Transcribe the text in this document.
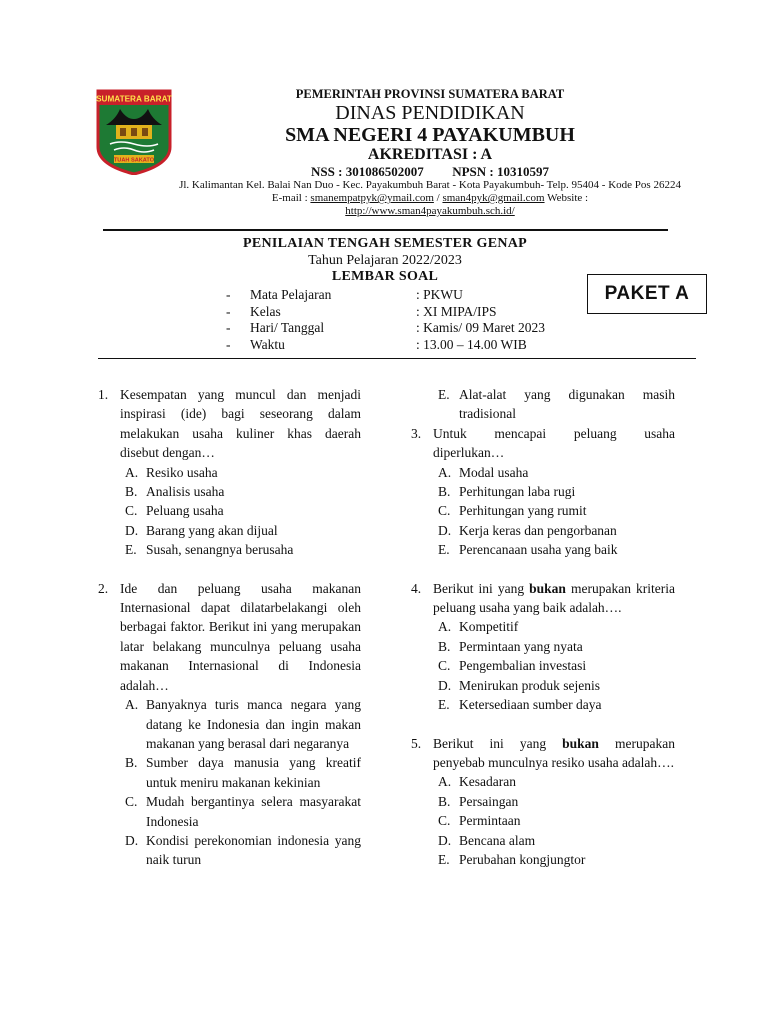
SUMATERA BARAT
TUAH SAKATO
PEMERINTAH PROVINSI SUMATERA BARAT
DINAS PENDIDIKAN
SMA NEGERI 4 PAYAKUMBUH
AKREDITASI : A
NSS : 301086502007 NPSN : 10310597
Jl. Kalimantan Kel. Balai Nan Duo - Kec. Payakumbuh Barat - Kota Payakumbuh- Telp. 95404 - Kode Pos 26224
E-mail : smanempatpyk@ymail.com / sman4pyk@gmail.com Website :
http://www.sman4payakumbuh.sch.id/
PENILAIAN TENGAH SEMESTER GENAP
Tahun Pelajaran 2022/2023
LEMBAR SOAL
PAKET A
- Mata Pelajaran	: PKWU
- Kelas	: XI MIPA/IPS
- Hari/ Tanggal	: Kamis/ 09 Maret 2023
- Waktu	: 13.00 – 14.00 WIB
1. Kesempatan yang muncul dan menjadi inspirasi (ide) bagi seseorang dalam melakukan usaha kuliner khas daerah disebut dengan…
A. Resiko usaha
B. Analisis usaha
C. Peluang usaha
D. Barang yang akan dijual
E. Susah, senangnya berusaha
2. Ide dan peluang usaha makanan Internasional dapat dilatarbelakangi oleh berbagai faktor. Berikut ini yang merupakan latar belakang munculnya peluang usaha makanan Internasional di Indonesia adalah…
A. Banyaknya turis manca negara yang datang ke Indonesia dan ingin makan makanan yang berasal dari negaranya
B. Sumber daya manusia yang kreatif untuk meniru makanan kekinian
C. Mudah bergantinya selera masyarakat Indonesia
D. Kondisi perekonomian indonesia yang naik turun
E. Alat-alat yang digunakan masih tradisional
3. Untuk mencapai peluang usaha diperlukan…
A. Modal usaha
B. Perhitungan laba rugi
C. Perhitungan yang rumit
D. Kerja keras dan pengorbanan
E. Perencanaan usaha yang baik
4. Berikut ini yang bukan merupakan kriteria peluang usaha yang baik adalah….
A. Kompetitif
B. Permintaan yang nyata
C. Pengembalian investasi
D. Menirukan produk sejenis
E. Ketersediaan sumber daya
5. Berikut ini yang bukan merupakan penyebab munculnya resiko usaha adalah….
A. Kesadaran
B. Persaingan
C. Permintaan
D. Bencana alam
E. Perubahan kongjungtor
